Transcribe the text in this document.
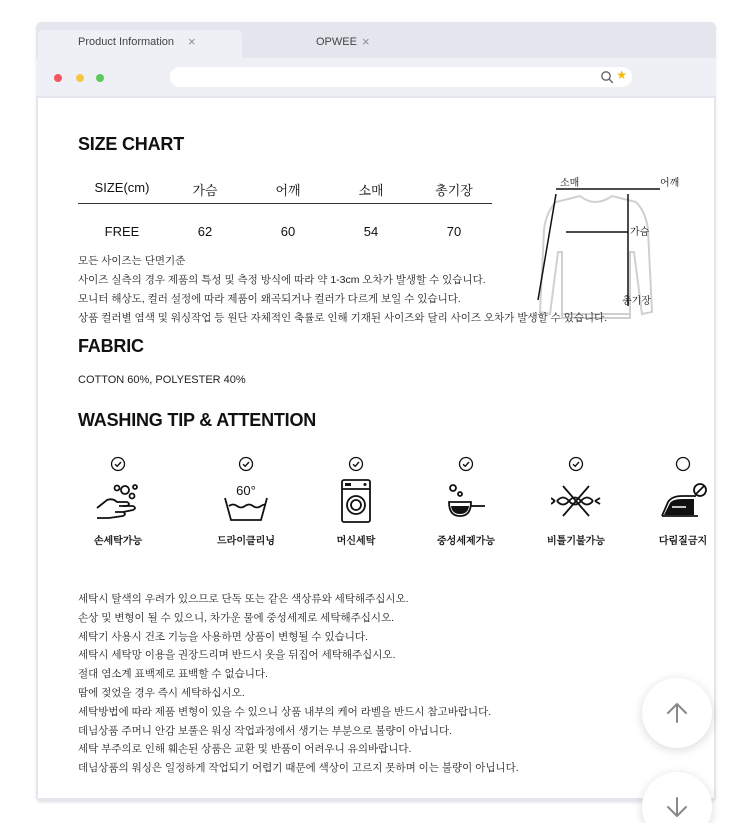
Product Information ×	OPWEE ×
★
SIZE CHART
SIZE(cm)	가슴	어깨	소매	총기장
FREE	62	60	54	70
소매	어깨
가슴
총기장
모든 사이즈는 단면기준
사이즈 실측의 경우 제품의 특성 및 측정 방식에 따라 약 1-3cm 오차가 발생할 수 있습니다.
모니터 해상도, 컬러 설정에 따라 제품이 왜곡되거나 컬러가 다르게 보일 수 있습니다.
상품 컬러별 염색 및 워싱작업 등 원단 자체적인 축률로 인해 기재된 사이즈와 달리 사이즈 오차가 발생할 수 있습니다.
FABRIC
COTTON 60%, POLYESTER 40%
WASHING TIP & ATTENTION
손세탁가능
60°
드라이클리닝	머신세탁	중성세제가능	비틀기불가능	다림질금지
세탁시 탈색의 우려가 있으므로 단독 또는 같은 색상류와 세탁해주십시오.
손상 및 변형이 될 수 있으니, 차가운 물에 중성세제로 세탁해주십시오.
세탁기 사용시 건조 기능을 사용하면 상품이 변형될 수 있습니다.
세탁시 세탁망 이용을 권장드리며 반드시 옷을 뒤집어 세탁해주십시오.
절대 염소계 표백제로 표백할 수 없습니다.
땀에 젖었을 경우 즉시 세탁하십시오.
세탁방법에 따라 제품 변형이 있을 수 있으니 상품 내부의 케어 라벨을 반드시 참고바랍니다.
데님상품 주머니 안감 보풀은 워싱 작업과정에서 생기는 부분으로 불량이 아닙니다.
세탁 부주의로 인해 훼손된 상품은 교환 및 반품이 어려우니 유의바랍니다.
데님상품의 워싱은 일정하게 작업되기 어렵기 때문에 색상이 고르지 못하며 이는 불량이 아닙니다.
